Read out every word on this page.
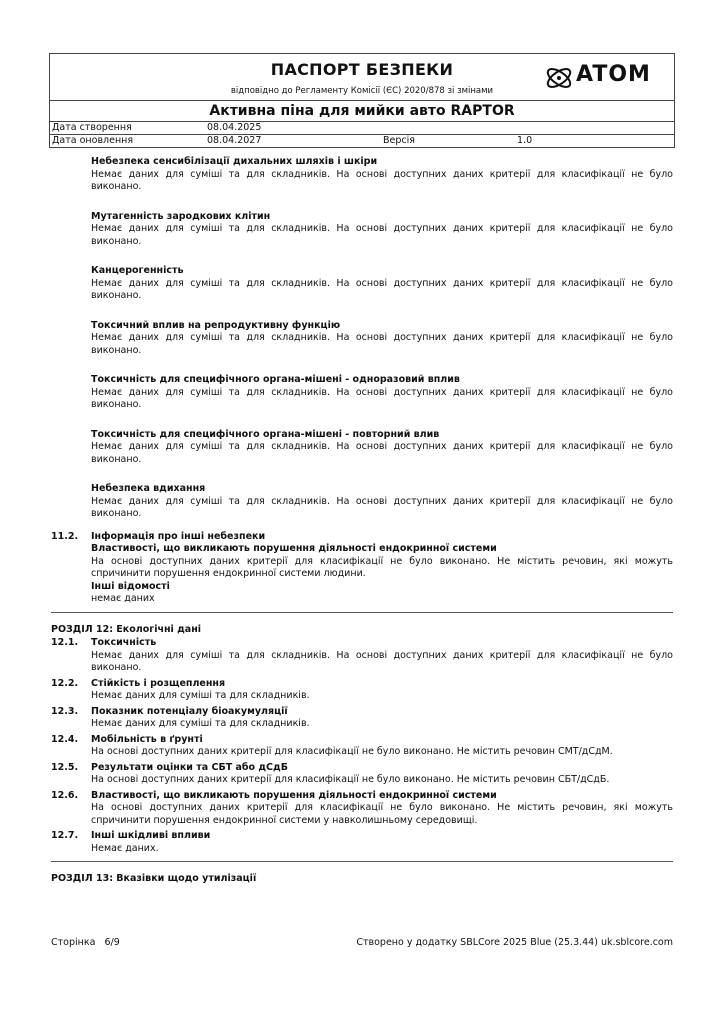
ПАСПОРТ БЕЗПЕКИ	ATOM
відповідно до Регламенту Комісії (ЄС) 2020/878 зі змінами
Активна піна для мийки авто RAPTOR
Дата створення	08.04.2025
Дата оновлення	08.04.2027	Версія	1.0
Небезпека сенсибілізації дихальних шляхів і шкіри
Немає даних для суміші та для складників. На основі доступних даних критерії для класифікації не було виконано.
Мутагенність зародкових клітин
Немає даних для суміші та для складників. На основі доступних даних критерії для класифікації не було виконано.
Канцерогенність
Немає даних для суміші та для складників. На основі доступних даних критерії для класифікації не було виконано.
Токсичний вплив на репродуктивну функцію
Немає даних для суміші та для складників. На основі доступних даних критерії для класифікації не було виконано.
Токсичність для специфічного органа-мішені - одноразовий вплив
Немає даних для суміші та для складників. На основі доступних даних критерії для класифікації не було виконано.
Токсичність для специфічного органа-мішені - повторний влив
Немає даних для суміші та для складників. На основі доступних даних критерії для класифікації не було виконано.
Небезпека вдихання
Немає даних для суміші та для складників. На основі доступних даних критерії для класифікації не було виконано.
11.2. Інформація про інші небезпеки
Властивості, що викликають порушення діяльності ендокринної системи
На основі доступних даних критерії для класифікації не було виконано. Не містить речовин, які можуть спричинити порушення ендокринної системи людини.
Інші відомості
немає даних
РОЗДІЛ 12: Екологічні дані
12.1. Токсичність
Немає даних для суміші та для складників. На основі доступних даних критерії для класифікації не було виконано.
12.2. Стійкість і розщеплення
Немає даних для суміші та для складників.
12.3. Показник потенціалу біоакумуляції
Немає даних для суміші та для складників.
12.4. Мобільність в ґрунті
На основі доступних даних критерії для класифікації не було виконано. Не містить речовин СМТ/дСдМ.
12.5. Результати оцінки та СБТ або дСдБ
На основі доступних даних критерії для класифікації не було виконано. Не містить речовин СБТ/дСдБ.
12.6. Властивості, що викликають порушення діяльності ендокринної системи
На основі доступних даних критерії для класифікації не було виконано. Не містить речовин, які можуть спричинити порушення ендокринної системи у навколишньому середовищі.
12.7. Інші шкідливі впливи
Немає даних.
РОЗДІЛ 13: Вказівки щодо утилізації
Сторінка 6/9	Створено у додатку SBLCore 2025 Blue (25.3.44) uk.sblcore.com
